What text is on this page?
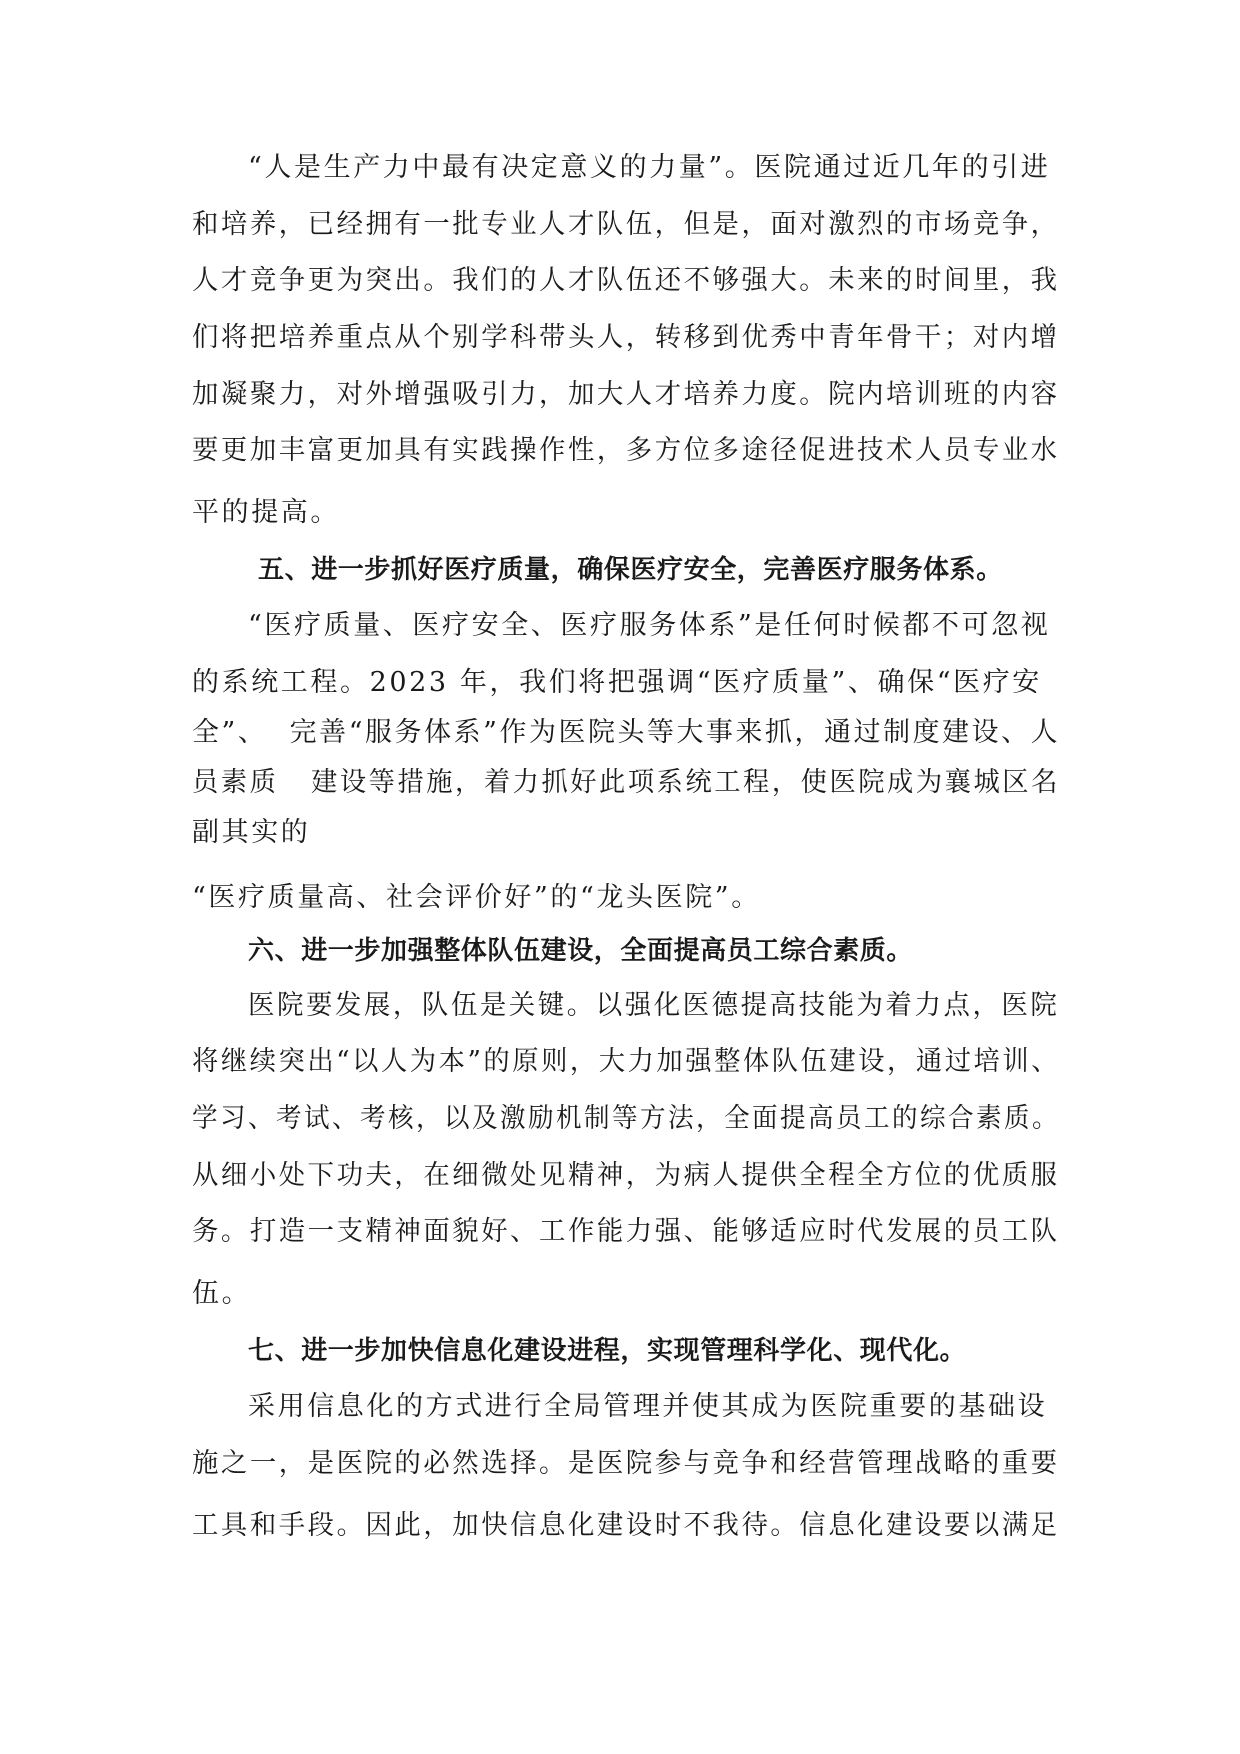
“人是生产力中最有决定意义的力量”。医院通过近几年的引进
和培养，已经拥有一批专业人才队伍，但是，面对激烈的市场竞争，
人才竞争更为突出。我们的人才队伍还不够强大。未来的时间里，我
们将把培养重点从个别学科带头人，转移到优秀中青年骨干；对内增
加凝聚力，对外增强吸引力，加大人才培养力度。院内培训班的内容
要更加丰富更加具有实践操作性，多方位多途径促进技术人员专业水
平的提高。
五、进一步抓好医疗质量，确保医疗安全，完善医疗服务体系。
“医疗质量、医疗安全、医疗服务体系”是任何时候都不可忽视
的系统工程。2023 年，我们将把强调“医疗质量”、确保“医疗安
全”、  完善“服务体系”作为医院头等大事来抓，通过制度建设、人
员素质   建设等措施，着力抓好此项系统工程，使医院成为襄城区名
副其实的
“医疗质量高、社会评价好”的“龙头医院”。
六、进一步加强整体队伍建设，全面提高员工综合素质。
医院要发展，队伍是关键。以强化医德提高技能为着力点，医院
将继续突出“以人为本”的原则，大力加强整体队伍建设，通过培训、
学习、考试、考核，以及激励机制等方法，全面提高员工的综合素质。
从细小处下功夫，在细微处见精神，为病人提供全程全方位的优质服
务。打造一支精神面貌好、工作能力强、能够适应时代发展的员工队
伍。
七、进一步加快信息化建设进程，实现管理科学化、现代化。
采用信息化的方式进行全局管理并使其成为医院重要的基础设
施之一，是医院的必然选择。是医院参与竞争和经营管理战略的重要
工具和手段。因此，加快信息化建设时不我待。信息化建设要以满足
